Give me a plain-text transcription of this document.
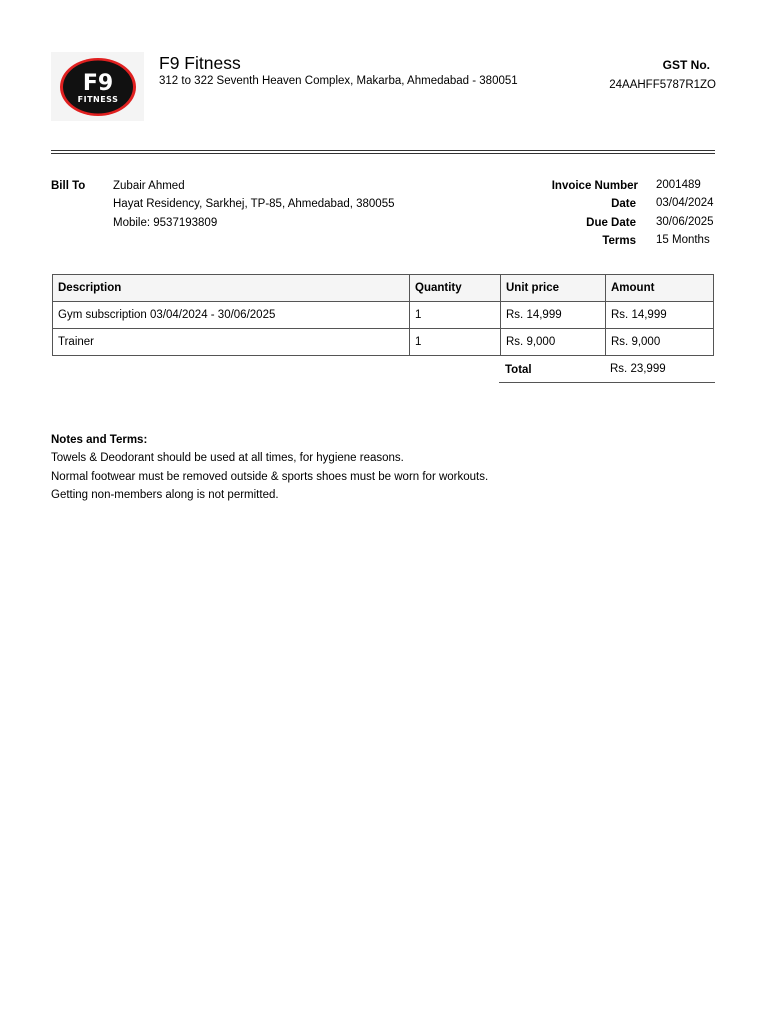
F9
FITNESS
F9 Fitness
312 to 322 Seventh Heaven Complex, Makarba, Ahmedabad - 380051
GST No.
24AAHFF5787R1ZO
Bill To Zubair Ahmed
Hayat Residency, Sarkhej, TP-85, Ahmedabad, 380055
Mobile: 9537193809
Invoice Number 2001489
Date 03/04/2024
Due Date 30/06/2025
Terms 15 Months
Description	Quantity	Unit price	Amount
Gym subscription 03/04/2024 - 30/06/2025	1	Rs. 14,999	Rs. 14,999
Trainer	1	Rs. 9,000	Rs. 9,000
Total	Rs. 23,999
Notes and Terms:
Towels & Deodorant should be used at all times, for hygiene reasons.
Normal footwear must be removed outside & sports shoes must be worn for workouts.
Getting non-members along is not permitted.
